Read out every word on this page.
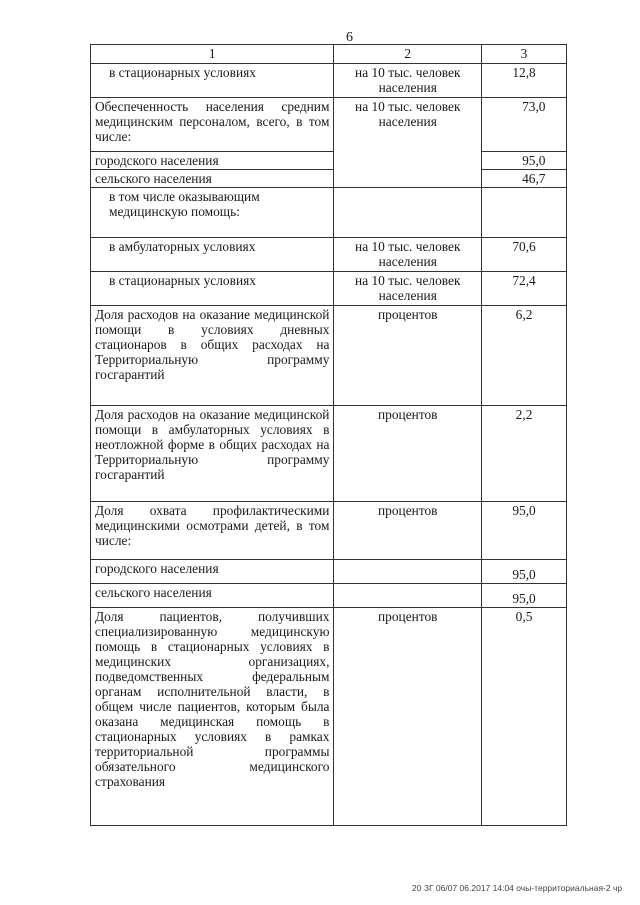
6
1	2	3
в стационарных условиях	на 10 тыс. человек населения	12,8
Обеспеченность населения средним медицинским персоналом, всего, в том числе:	на 10 тыс. человек населения	73,0
городского населения		95,0
сельского населения		46,7
в том числе оказывающим медицинскую помощь:		
в амбулаторных условиях	на 10 тыс. человек населения	70,6
в стационарных условиях	на 10 тыс. человек населения	72,4
Доля расходов на оказание медицинской помощи в условиях дневных стационаров в общих расходах на Территориальную программу госгарантий	процентов	6,2
Доля расходов на оказание медицинской помощи в амбулаторных условиях в неотложной форме в общих расходах на Территориальную программу госгарантий	процентов	2,2
Доля охвата профилактическими медицинскими осмотрами детей, в том числе:	процентов	95,0
городского населения		95,0
сельского населения		95,0
Доля пациентов, получивших специализированную медицинскую помощь в стационарных условиях в медицинских организациях, подведомственных федеральным органам исполнительной власти, в общем числе пациентов, которым была оказана медицинская помощь в стационарных условиях в рамках территориальной программы обязательного медицинского страхования	процентов	0,5
20 ЗГ 06/07 06.2017 14:04 очы-территориальная-2 чр
